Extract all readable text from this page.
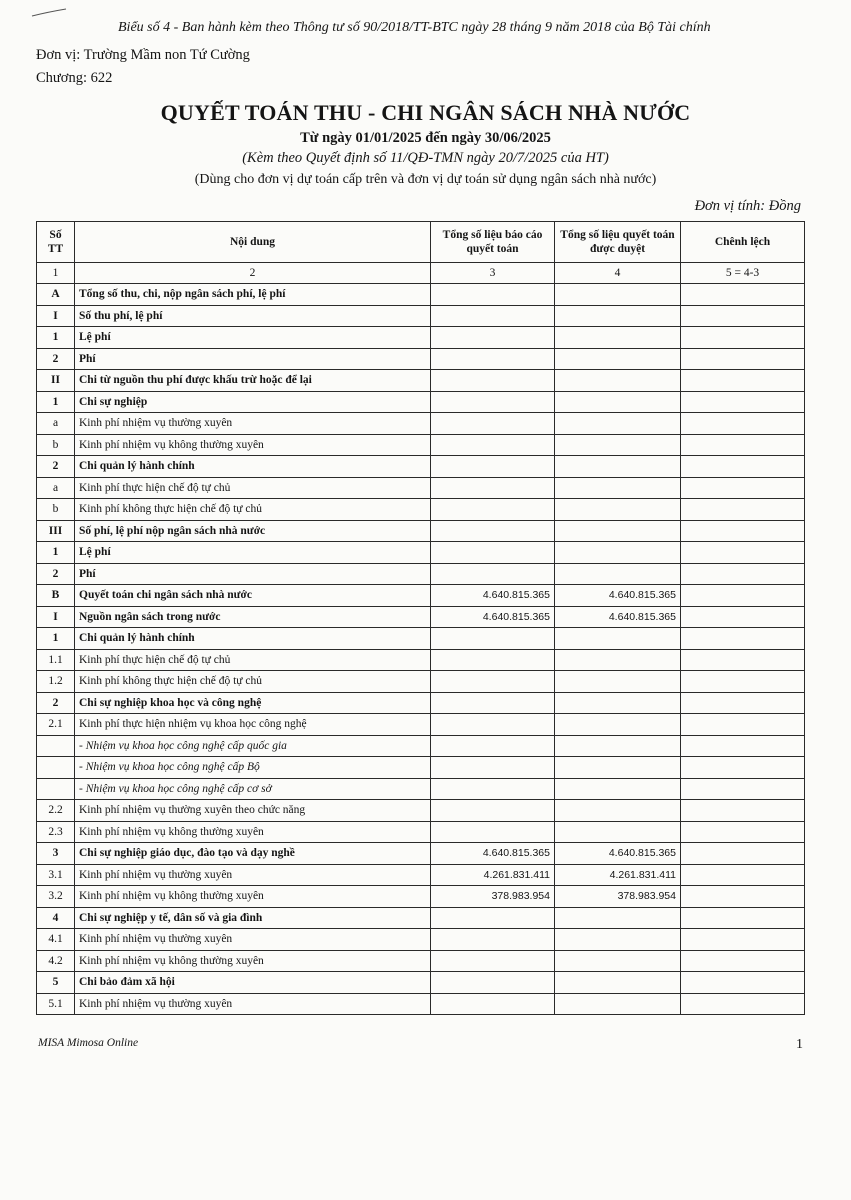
Biểu số 4 - Ban hành kèm theo Thông tư số 90/2018/TT-BTC ngày 28 tháng 9 năm 2018 của Bộ Tài chính
Đơn vị: Trường Mầm non Tứ Cường
Chương: 622
QUYẾT TOÁN THU - CHI NGÂN SÁCH NHÀ NƯỚC
Từ ngày 01/01/2025 đến ngày 30/06/2025
(Kèm theo Quyết định số 11/QĐ-TMN ngày 20/7/2025 của HT)
(Dùng cho đơn vị dự toán cấp trên và đơn vị dự toán sử dụng ngân sách nhà nước)
Đơn vị tính: Đồng
Số TT	Nội dung	Tổng số liệu báo cáo quyết toán	Tổng số liệu quyết toán được duyệt	Chênh lệch
1	2	3	4	5 = 4-3
A	Tổng số thu, chi, nộp ngân sách phí, lệ phí			
I	Số thu phí, lệ phí			
1	Lệ phí			
2	Phí			
II	Chi từ nguồn thu phí được khấu trừ hoặc để lại			
1	Chi sự nghiệp			
a	Kinh phí nhiệm vụ thường xuyên			
b	Kinh phí nhiệm vụ không thường xuyên			
2	Chi quản lý hành chính			
a	Kinh phí thực hiện chế độ tự chủ			
b	Kinh phí không thực hiện chế độ tự chủ			
III	Số phí, lệ phí nộp ngân sách nhà nước			
1	Lệ phí			
2	Phí			
B	Quyết toán chi ngân sách nhà nước	4.640.815.365	4.640.815.365	
I	Nguồn ngân sách trong nước	4.640.815.365	4.640.815.365	
1	Chi quản lý hành chính			
1.1	Kinh phí thực hiện chế độ tự chủ			
1.2	Kinh phí không thực hiện chế độ tự chủ			
2	Chi sự nghiệp khoa học và công nghệ			
2.1	Kinh phí thực hiện nhiệm vụ khoa học công nghệ			
	- Nhiệm vụ khoa học công nghệ cấp quốc gia			
	- Nhiệm vụ khoa học công nghệ cấp Bộ			
	- Nhiệm vụ khoa học công nghệ cấp cơ sở			
2.2	Kinh phí nhiệm vụ thường xuyên theo chức năng			
2.3	Kinh phí nhiệm vụ không thường xuyên			
3	Chi sự nghiệp giáo dục, đào tạo và dạy nghề	4.640.815.365	4.640.815.365	
3.1	Kinh phí nhiệm vụ thường xuyên	4.261.831.411	4.261.831.411	
3.2	Kinh phí nhiệm vụ không thường xuyên	378.983.954	378.983.954	
4	Chi sự nghiệp y tế, dân số và gia đình			
4.1	Kinh phí nhiệm vụ thường xuyên			
4.2	Kinh phí nhiệm vụ không thường xuyên			
5	Chi bảo đảm xã hội			
5.1	Kinh phí nhiệm vụ thường xuyên			
MISA Mimosa Online	1
